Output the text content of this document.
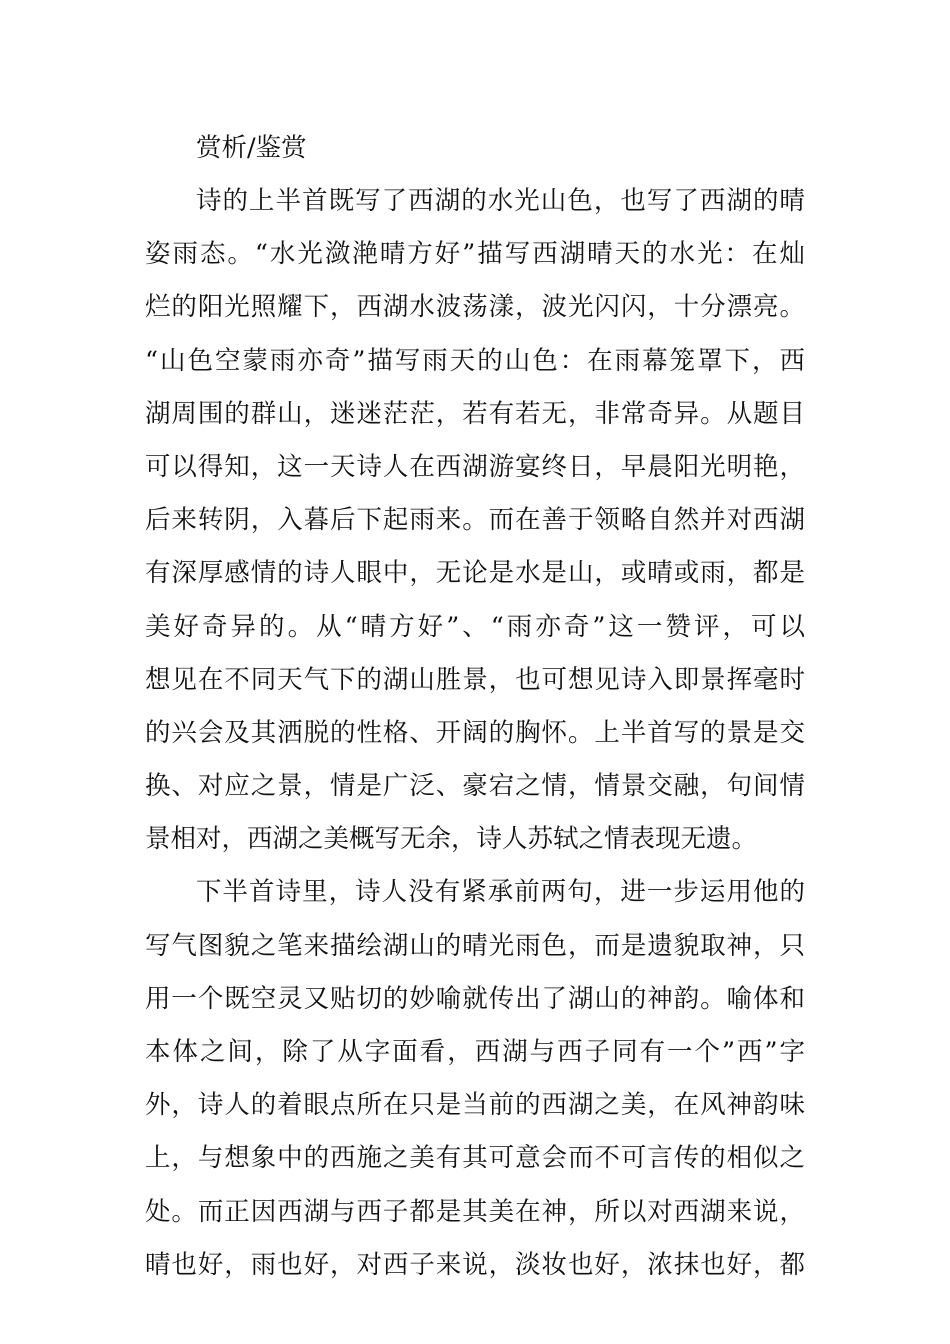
赏析/鉴赏

诗的上半首既写了西湖的水光山色，也写了西湖的晴
姿雨态。“水光潋滟晴方好”描写西湖晴天的水光：在灿
烂的阳光照耀下，西湖水波荡漾，波光闪闪，十分漂亮。
“山色空蒙雨亦奇”描写雨天的山色：在雨幕笼罩下，西
湖周围的群山，迷迷茫茫，若有若无，非常奇异。从题目
可以得知，这一天诗人在西湖游宴终日，早晨阳光明艳，
后来转阴，入暮后下起雨来。而在善于领略自然并对西湖
有深厚感情的诗人眼中，无论是水是山，或晴或雨，都是
美好奇异的。从“晴方好”、“雨亦奇”这一赞评，可以
想见在不同天气下的湖山胜景，也可想见诗入即景挥毫时
的兴会及其洒脱的性格、开阔的胸怀。上半首写的景是交
换、对应之景，情是广泛、豪宕之情，情景交融，句间情
景相对，西湖之美概写无余，诗人苏轼之情表现无遗。
下半首诗里，诗人没有紧承前两句，进一步运用他的
写气图貌之笔来描绘湖山的晴光雨色，而是遗貌取神，只
用一个既空灵又贴切的妙喻就传出了湖山的神韵。喻体和
本体之间，除了从字面看，西湖与西子同有一个”西”字
外，诗人的着眼点所在只是当前的西湖之美，在风神韵味
上，与想象中的西施之美有其可意会而不可言传的相似之
处。而正因西湖与西子都是其美在神，所以对西湖来说，
晴也好，雨也好，对西子来说，淡妆也好，浓抹也好，都
